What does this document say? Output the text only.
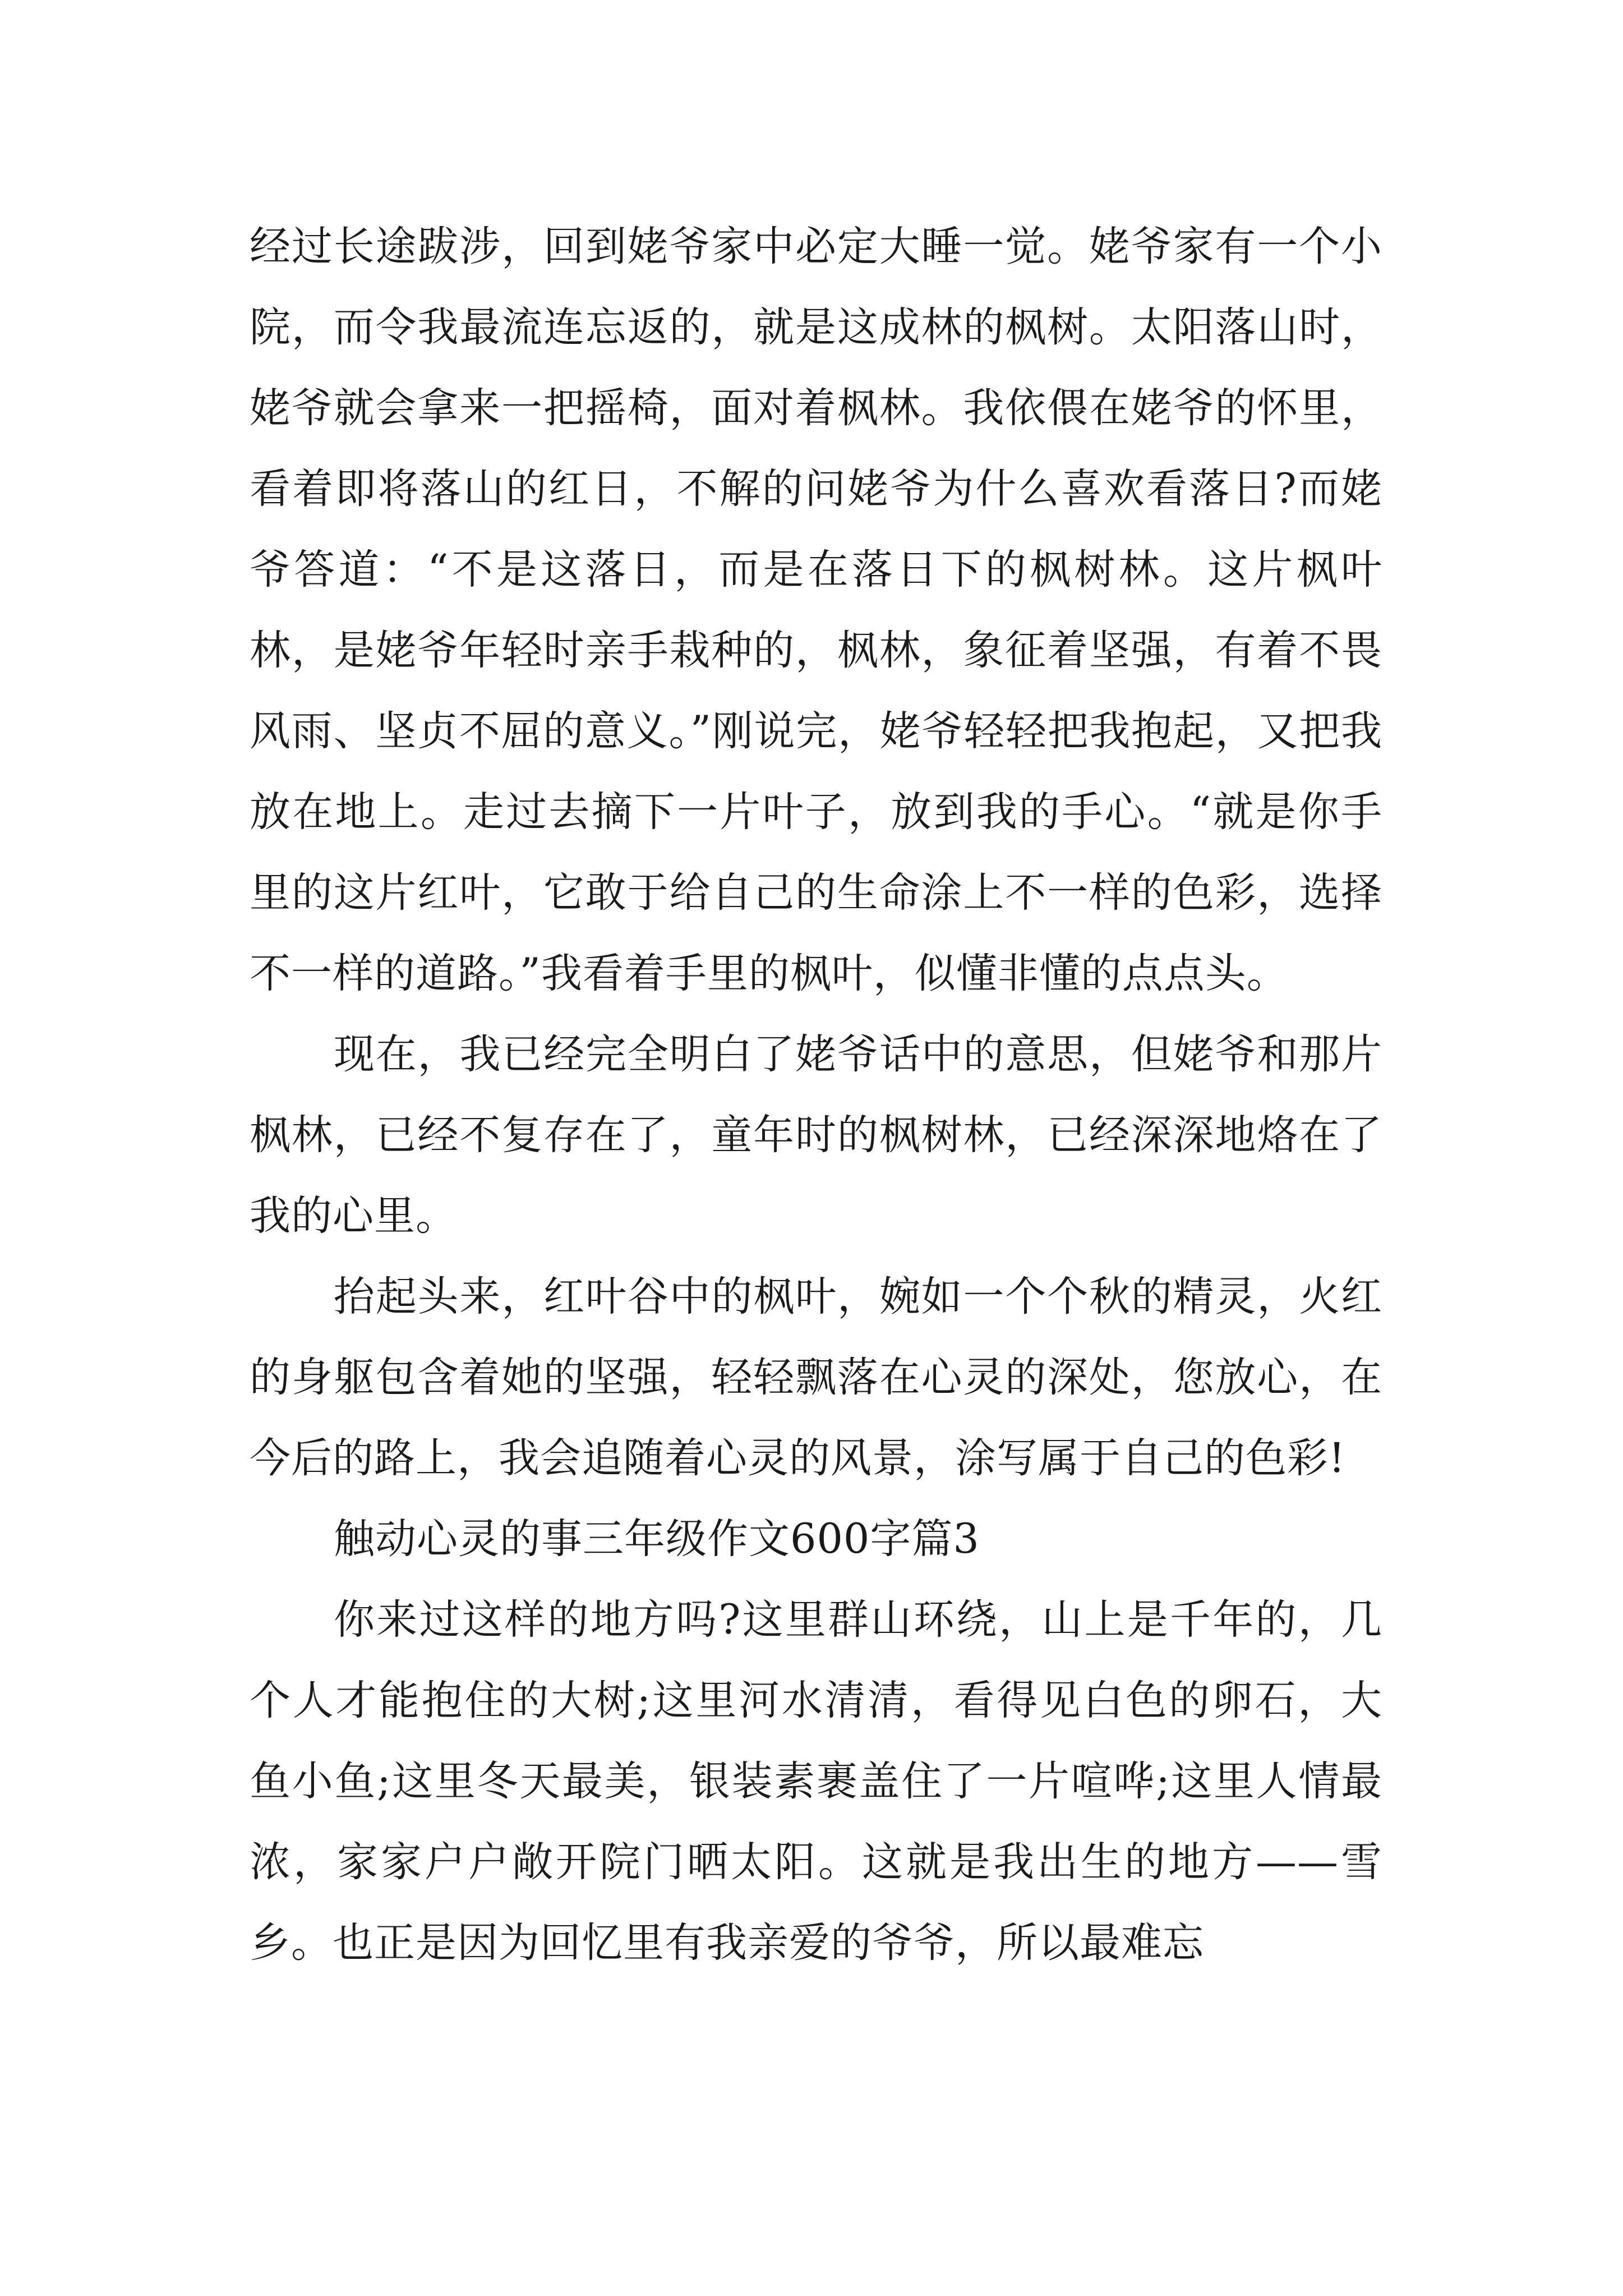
经过长途跋涉，回到姥爷家中必定大睡一觉。姥爷家有一个小院，而令我最流连忘返的，就是这成林的枫树。太阳落山时，姥爷就会拿来一把摇椅，面对着枫林。我依偎在姥爷的怀里，看着即将落山的红日，不解的问姥爷为什么喜欢看落日?而姥爷答道：“不是这落日，而是在落日下的枫树林。这片枫叶林，是姥爷年轻时亲手栽种的，枫林，象征着坚强，有着不畏风雨、坚贞不屈的意义。”刚说完，姥爷轻轻把我抱起，又把我放在地上。走过去摘下一片叶子，放到我的手心。“就是你手里的这片红叶，它敢于给自己的生命涂上不一样的色彩，选择不一样的道路。”我看着手里的枫叶，似懂非懂的点点头。

现在，我已经完全明白了姥爷话中的意思，但姥爷和那片枫林，已经不复存在了，童年时的枫树林，已经深深地烙在了我的心里。

抬起头来，红叶谷中的枫叶，婉如一个个秋的精灵，火红的身躯包含着她的坚强，轻轻飘落在心灵的深处，您放心，在今后的路上，我会追随着心灵的风景，涂写属于自己的色彩!

触动心灵的事三年级作文600字篇3

你来过这样的地方吗?这里群山环绕，山上是千年的，几个人才能抱住的大树;这里河水清清，看得见白色的卵石，大鱼小鱼;这里冬天最美，银装素裹盖住了一片喧哗;这里人情最浓，家家户户敞开院门晒太阳。这就是我出生的地方——雪乡。也正是因为回忆里有我亲爱的爷爷，所以最难忘
